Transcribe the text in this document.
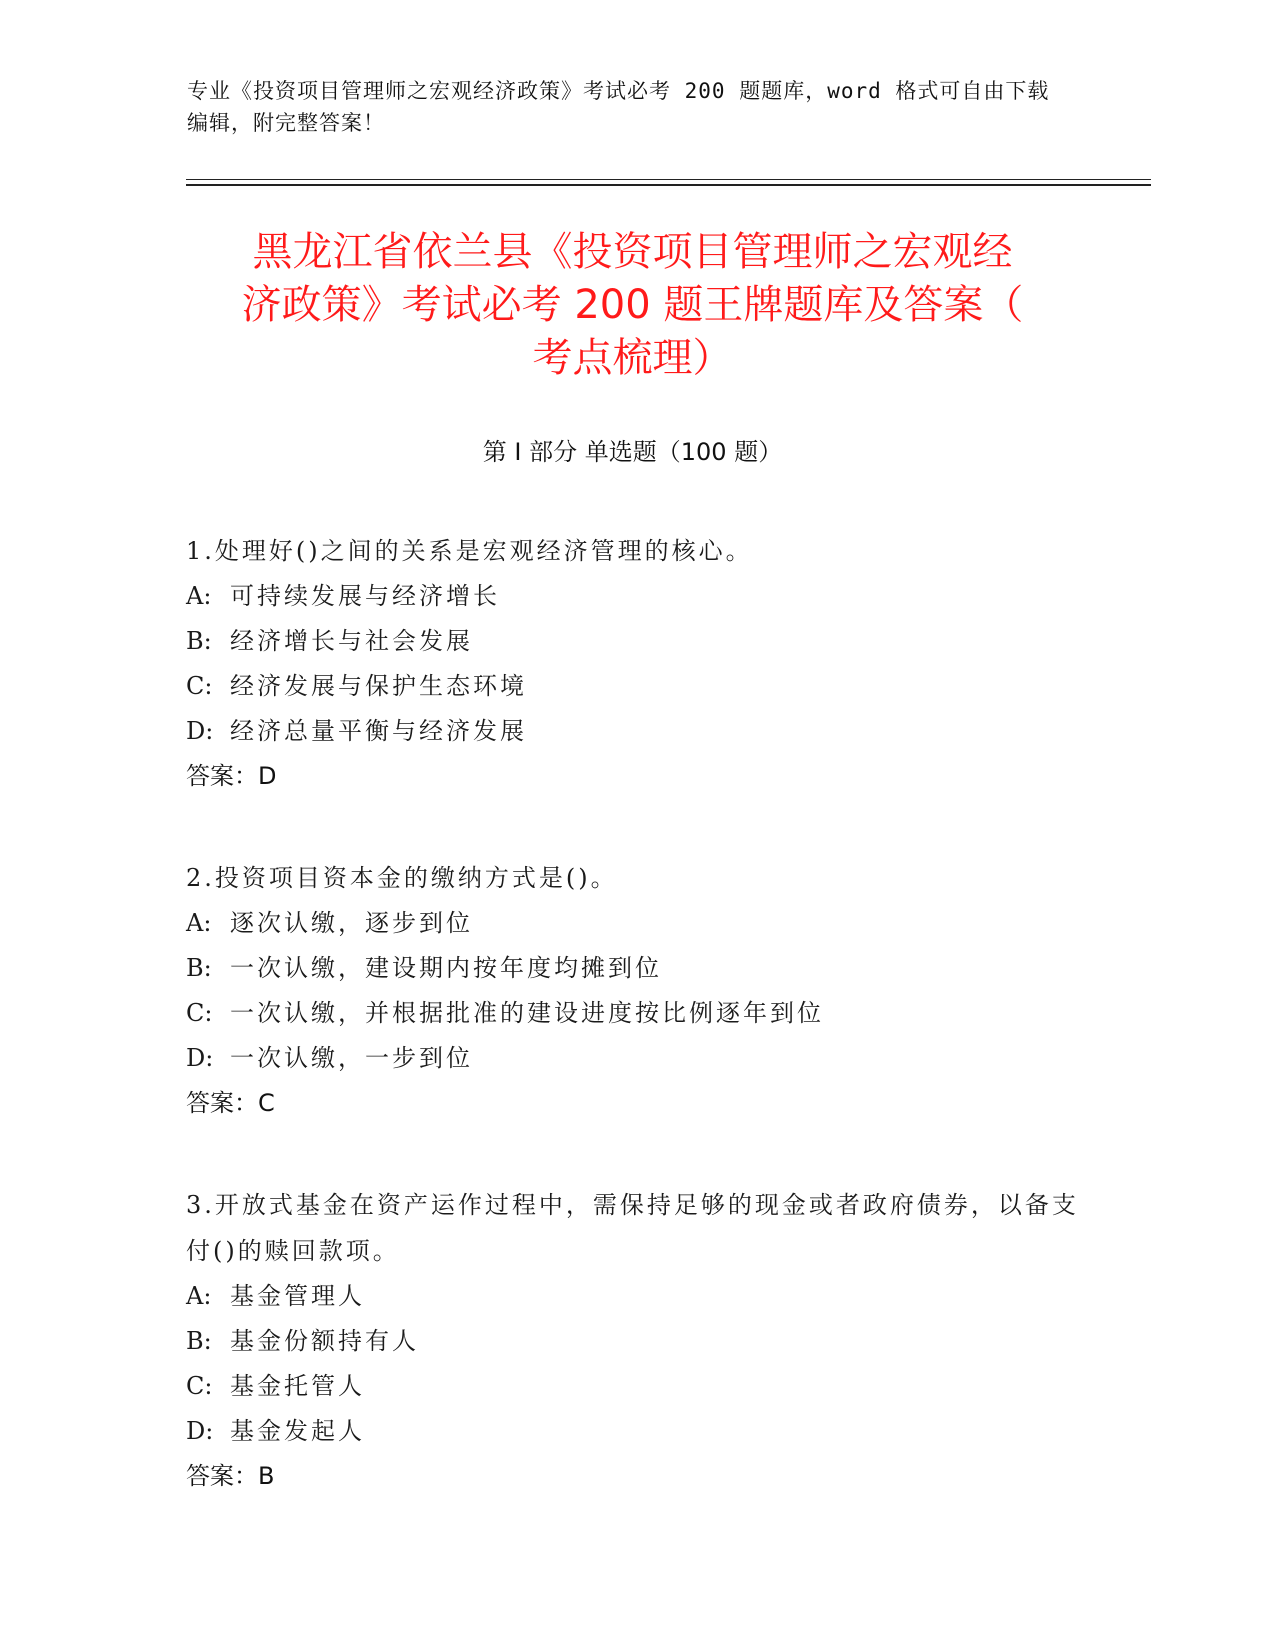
专业《投资项目管理师之宏观经济政策》考试必考 200 题题库，word 格式可自由下载编辑，附完整答案！
黑龙江省依兰县《投资项目管理师之宏观经
济政策》考试必考 200 题王牌题库及答案（
考点梳理）
第 I 部分 单选题（100 题）
1.处理好()之间的关系是宏观经济管理的核心。
A: 可持续发展与经济增长
B: 经济增长与社会发展
C: 经济发展与保护生态环境
D: 经济总量平衡与经济发展
答案：D
2.投资项目资本金的缴纳方式是()。
A: 逐次认缴，逐步到位
B: 一次认缴，建设期内按年度均摊到位
C: 一次认缴，并根据批准的建设进度按比例逐年到位
D: 一次认缴，一步到位
答案：C
3.开放式基金在资产运作过程中，需保持足够的现金或者政府债券，以备支付()的赎回款项。
A: 基金管理人
B: 基金份额持有人
C: 基金托管人
D: 基金发起人
答案：B
